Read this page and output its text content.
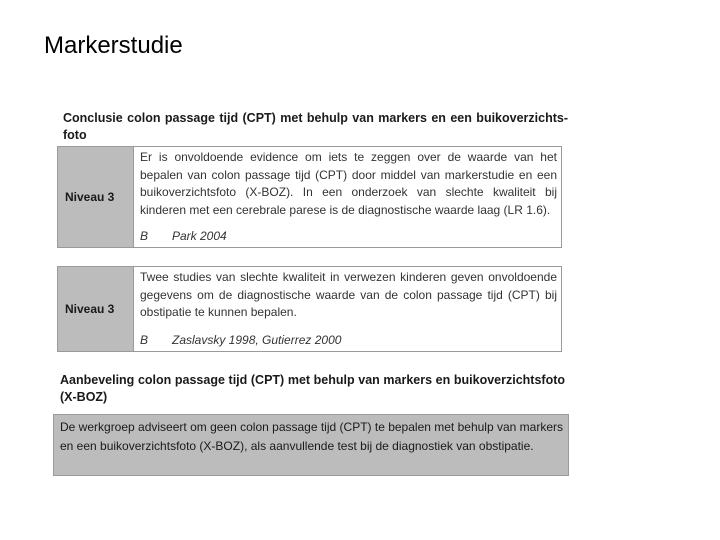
Markerstudie
Conclusie colon passage tijd (CPT) met behulp van markers en een buikoverzichts-foto
Niveau 3
Er is onvoldoende evidence om iets te zeggen over de waarde van het bepalen van colon passage tijd (CPT) door middel van markerstudie en een buikoverzichtsfoto (X-BOZ). In een onderzoek van slechte kwaliteit bij kinderen met een cerebrale parese is de diagnostische waarde laag (LR 1.6).
B Park 2004
Niveau 3
Twee studies van slechte kwaliteit in verwezen kinderen geven onvoldoende gegevens om de diagnostische waarde van de colon passage tijd (CPT) bij obstipatie te kunnen bepalen.
B Zaslavsky 1998, Gutierrez 2000
Aanbeveling colon passage tijd (CPT) met behulp van markers en buikoverzichtsfoto (X-BOZ)
De werkgroep adviseert om geen colon passage tijd (CPT) te bepalen met behulp van markers en een buikoverzichtsfoto (X-BOZ), als aanvullende test bij de diagnostiek van obstipatie.
